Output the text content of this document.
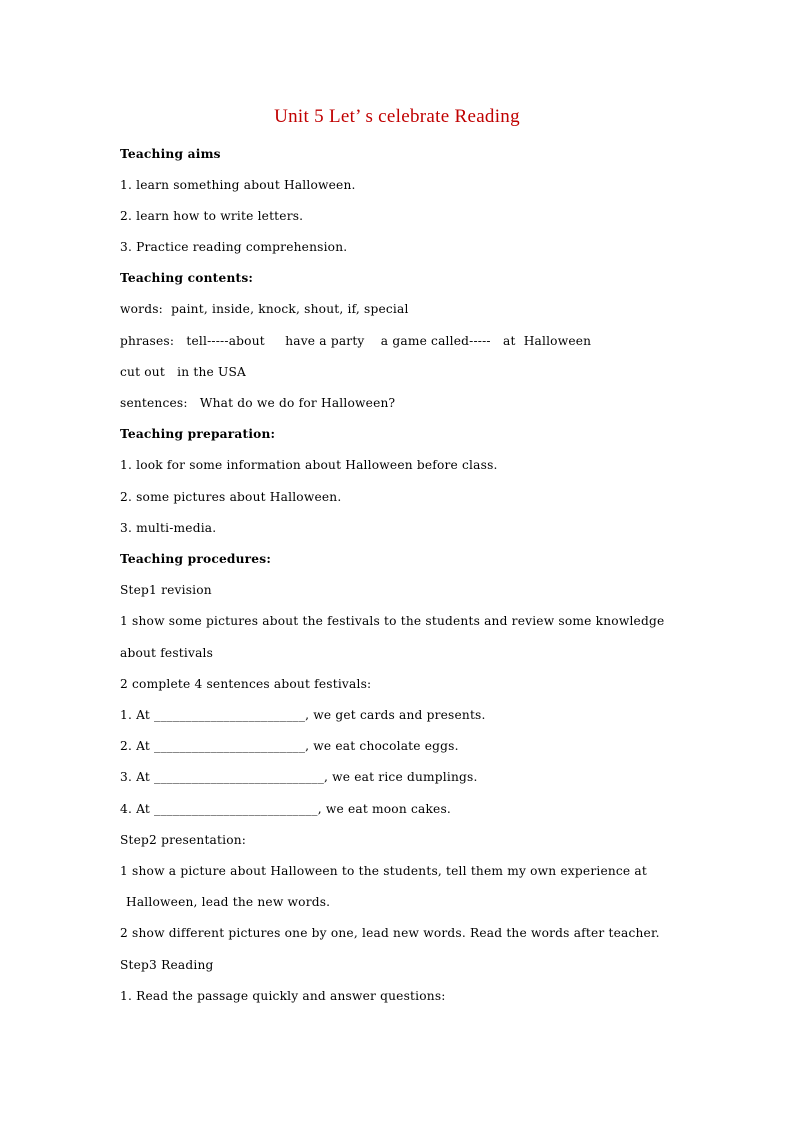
Unit 5 Let’ s celebrate Reading
Teaching aims
1. learn something about Halloween.
2. learn how to write letters.
3. Practice reading comprehension.
Teaching contents:
words:  paint, inside, knock, shout, if, special
phrases:   tell-----about     have a party    a game called-----   at  Halloween
cut out   in the USA
sentences:   What do we do for Halloween?
Teaching preparation:
1. look for some information about Halloween before class.
2. some pictures about Halloween.
3. multi-media.
Teaching procedures:
Step1 revision
1 show some pictures about the festivals to the students and review some knowledge
about festivals
2 complete 4 sentences about festivals:
1. At ________________________, we get cards and presents.
2. At ________________________, we eat chocolate eggs.
3. At ___________________________, we eat rice dumplings.
4. At __________________________, we eat moon cakes.
Step2 presentation:
1 show a picture about Halloween to the students, tell them my own experience at
Halloween, lead the new words.
2 show different pictures one by one, lead new words. Read the words after teacher.
Step3 Reading
1. Read the passage quickly and answer questions:
